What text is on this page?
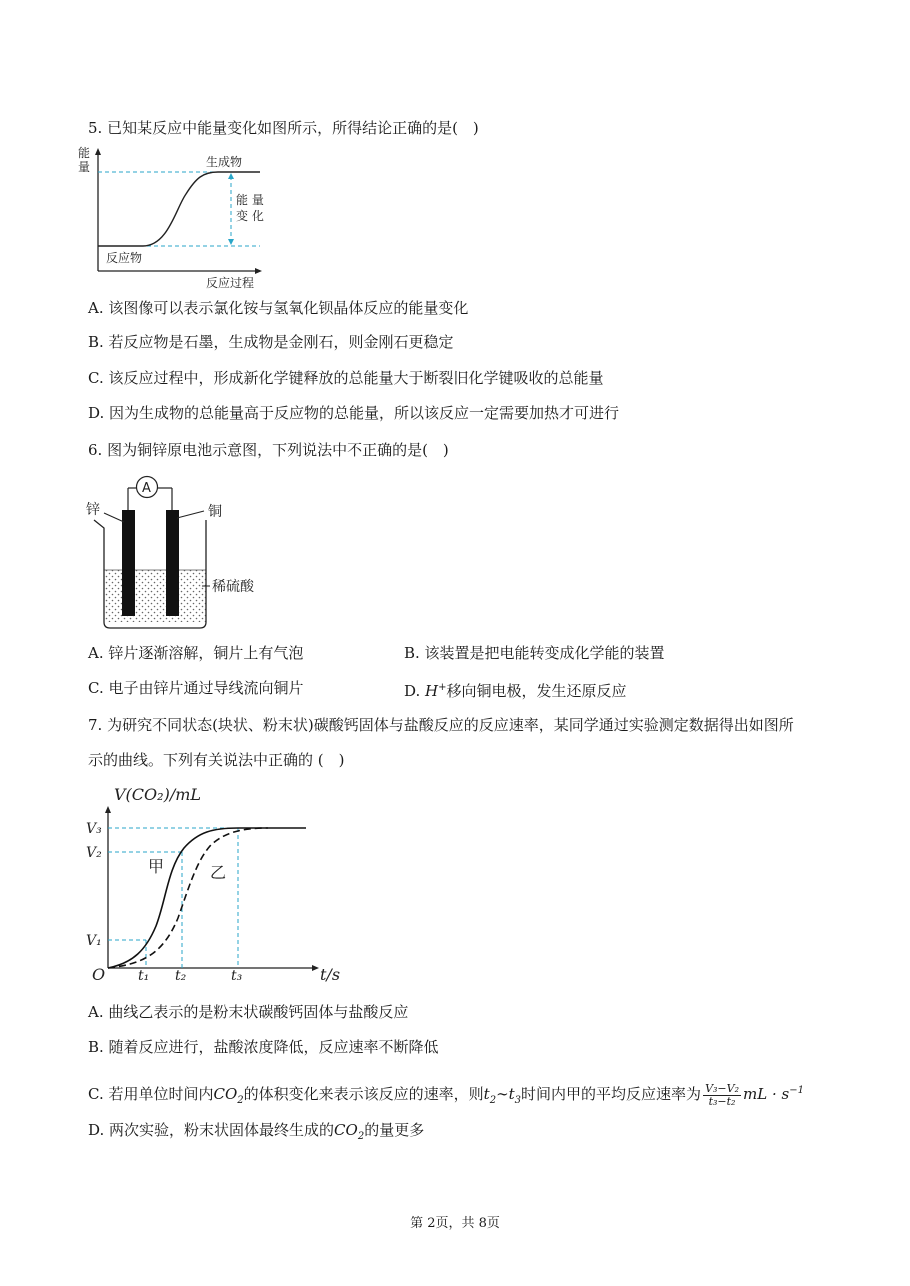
5. 已知某反应中能量变化如图所示，所得结论正确的是(　)
能
量	生成物
反应物
能 量
变 化
反应过程
A. 该图像可以表示氯化铵与氢氧化钡晶体反应的能量变化
B. 若反应物是石墨，生成物是金刚石，则金刚石更稳定
C. 该反应过程中，形成新化学键释放的总能量大于断裂旧化学键吸收的总能量
D. 因为生成物的总能量高于反应物的总能量，所以该反应一定需要加热才可进行
6. 图为铜锌原电池示意图，下列说法中不正确的是(　)
A
锌	铜
稀硫酸
A. 锌片逐渐溶解，铜片上有气泡	B. 该装置是把电能转变成化学能的装置
C. 电子由锌片通过导线流向铜片	D. H+移向铜电极，发生还原反应
7. 为研究不同状态(块状、粉末状)碳酸钙固体与盐酸反应的反应速率，某同学通过实验测定数据得出如图所
示的曲线。下列有关说法中正确的 (　)
V(CO₂)/mL
V₃
V₂
V₁
O t₁ t₂	t₃	t/s
甲	乙
A. 曲线乙表示的是粉末状碳酸钙固体与盐酸反应
B. 随着反应进行，盐酸浓度降低，反应速率不断降低
C. 若用单位时间内$CO_2$的体积变化来表示该反应的速率，则$t_2\sim t_3$时间内甲的平均反应速率为 $\frac{\text{V₃−V₂}}{\text{t₃−t₂}}$ mL · $s^{-1}$
D. 两次实验，粉末状固体最终生成的$CO_2$的量更多
第 2页，共 8页
